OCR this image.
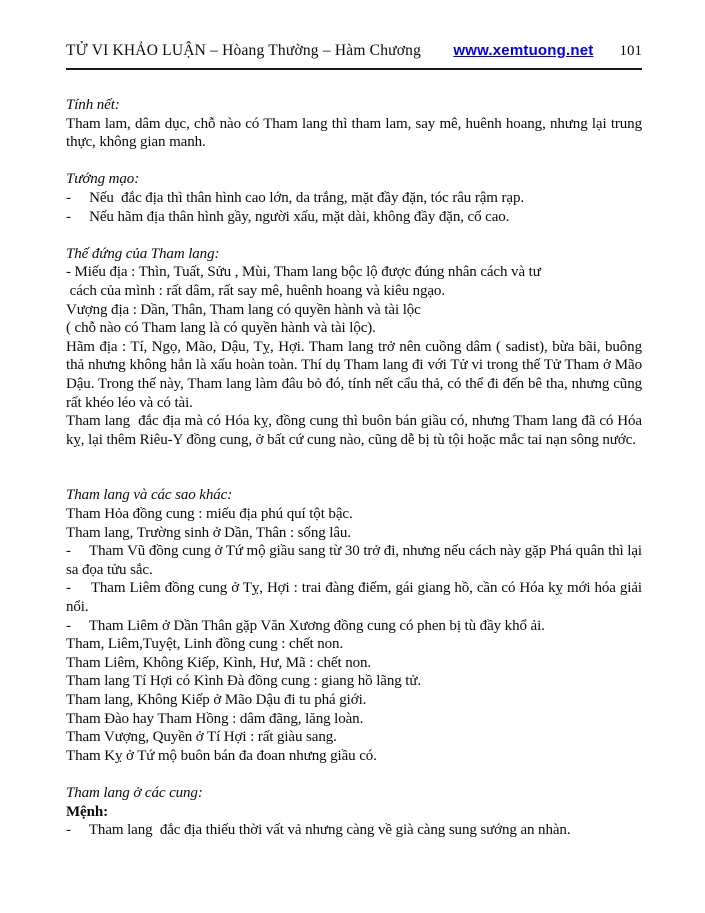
TỬ VI KHẢO LUẬN – Hòang Thường – Hàm Chương www.xemtuong.net 101
Tính nết:
Tham lam, dâm dục, chỗ nào có Tham lang thì tham lam, say mê, huênh hoang, nhưng lại trung thực, không gian manh.
Tướng mạo:
-     Nếu  đắc địa thì thân hình cao lớn, da trắng, mặt đầy đặn, tóc râu rậm rạp.
-     Nếu hãm địa thân hình gầy, người xấu, mặt dài, không đầy đặn, cổ cao.
Thế đứng của Tham lang:
- Miếu địa : Thìn, Tuất, Sửu , Mùi, Tham lang bộc lộ được đúng nhân cách và tư
cách của mình : rất dâm, rất say mê, huênh hoang và kiêu ngạo.
Vượng địa : Dần, Thân, Tham lang có quyền hành và tài lộc
( chỗ nào có Tham lang là có quyền hành và tài lộc).
Hãm địa : Tí, Ngọ, Mão, Dậu, Tỵ, Hợi. Tham lang trở nên cuồng dâm ( sadist), bừa bãi, buông thả nhưng không hẳn là xấu hoàn toàn. Thí dụ Tham lang đi với Tử vi trong thế Tử Tham ở Mão Dậu. Trong thế này, Tham lang làm đâu bỏ đó, tính nết cẩu thả, có thể đi đến bê tha, nhưng cũng rất khéo léo và có tài.
Tham lang  đắc địa mà có Hóa kỵ, đồng cung thì buôn bán giầu có, nhưng Tham lang đã có Hóa kỵ, lại thêm Riêu-Y đồng cung, ở bất cứ cung nào, cũng dễ bị tù tội hoặc mắc tai nạn sông nước.
Tham lang và các sao khác:
Tham Hỏa đồng cung : miếu địa phú quí tột bậc.
Tham lang, Trường sinh ở Dần, Thân : sống lâu.
-     Tham Vũ đồng cung ở Tứ mộ giầu sang từ 30 trở đi, nhưng nếu cách này gặp Phá quân thì lại sa đọa tửu sắc.
-     Tham Liêm đồng cung ở Tỵ, Hợi : trai đàng điếm, gái giang hồ, cần có Hóa kỵ mới hóa giải nổi.
-     Tham Liêm ở Dần Thân gặp Văn Xương đồng cung có phen bị tù đầy khổ ải.
Tham, Liêm,Tuyệt, Linh đồng cung : chết non.
Tham Liêm, Không Kiếp, Kình, Hư, Mã : chết non.
Tham lang Tí Hợi có Kình Đà đồng cung : giang hồ lãng tử.
Tham lang, Không Kiếp ở Mão Dậu đi tu phá giới.
Tham Đào hay Tham Hồng : dâm đãng, lăng loàn.
Tham Vượng, Quyền ở Tí Hợi : rất giàu sang.
Tham Kỵ ở Tứ mộ buôn bán đa đoan nhưng giầu có.
Tham lang ở các cung:
Mệnh:
-     Tham lang  đắc địa thiếu thời vất vả nhưng càng về già càng sung sướng an nhàn.
